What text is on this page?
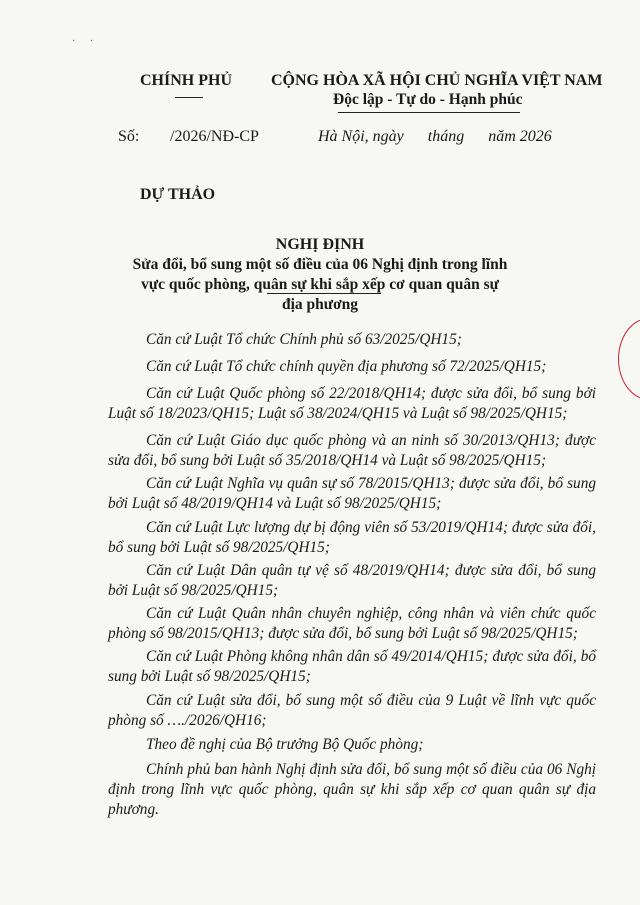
· ·
CHÍNH PHỦ CỘNG HÒA XÃ HỘI CHỦ NGHĨA VIỆT NAM
Độc lập - Tự do - Hạnh phúc
Số: /2026/NĐ-CP	Hà Nội, ngày      tháng      năm 2026
DỰ THẢO
NGHỊ ĐỊNH
Sửa đổi, bổ sung một số điều của 06 Nghị định trong lĩnh vực quốc phòng, quân sự khi sắp xếp cơ quan quân sự địa phương
Căn cứ Luật Tổ chức Chính phủ số 63/2025/QH15;
Căn cứ Luật Tổ chức chính quyền địa phương số 72/2025/QH15;
Căn cứ Luật Quốc phòng số 22/2018/QH14; được sửa đổi, bổ sung bởi Luật số 18/2023/QH15; Luật số 38/2024/QH15 và Luật số 98/2025/QH15;
Căn cứ Luật Giáo dục quốc phòng và an ninh số 30/2013/QH13; được sửa đổi, bổ sung bởi Luật số 35/2018/QH14 và Luật số 98/2025/QH15;
Căn cứ Luật Nghĩa vụ quân sự số 78/2015/QH13; được sửa đổi, bổ sung bởi Luật số 48/2019/QH14 và Luật số 98/2025/QH15;
Căn cứ Luật Lực lượng dự bị động viên số 53/2019/QH14; được sửa đổi, bổ sung bởi Luật số 98/2025/QH15;
Căn cứ Luật Dân quân tự vệ số 48/2019/QH14; được sửa đổi, bổ sung bởi Luật số 98/2025/QH15;
Căn cứ Luật Quân nhân chuyên nghiệp, công nhân và viên chức quốc phòng số 98/2015/QH13; được sửa đổi, bổ sung bởi Luật số 98/2025/QH15;
Căn cứ Luật Phòng không nhân dân số 49/2014/QH15; được sửa đổi, bổ sung bởi Luật số 98/2025/QH15;
Căn cứ Luật sửa đổi, bổ sung một số điều của 9 Luật về lĩnh vực quốc phòng số …./2026/QH16;
Theo đề nghị của Bộ trưởng Bộ Quốc phòng;
Chính phủ ban hành Nghị định sửa đổi, bổ sung một số điều của 06 Nghị định trong lĩnh vực quốc phòng, quân sự khi sắp xếp cơ quan quân sự địa phương.
